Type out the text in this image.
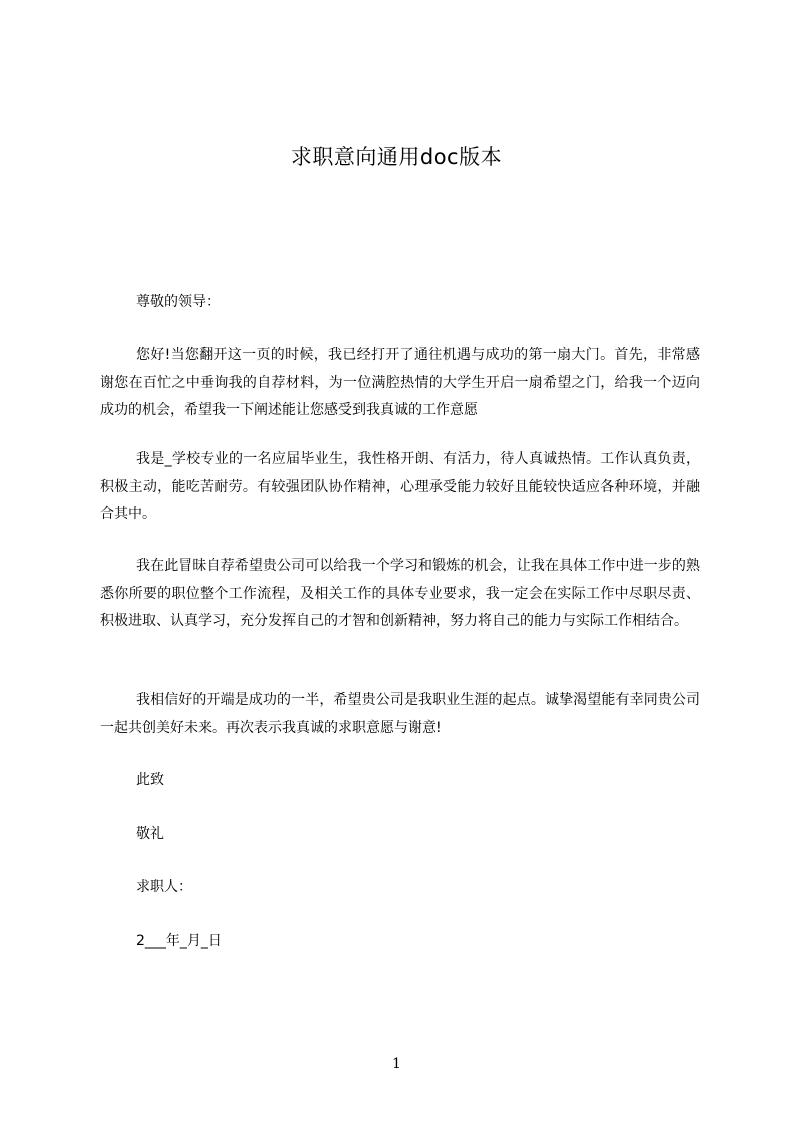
求职意向通用doc版本
尊敬的领导：
您好!当您翻开这一页的时候，我已经打开了通往机遇与成功的第一扇大门。首先，非常感谢您在百忙之中垂询我的自荐材料，为一位满腔热情的大学生开启一扇希望之门，给我一个迈向成功的机会，希望我一下阐述能让您感受到我真诚的工作意愿
我是_学校专业的一名应届毕业生，我性格开朗、有活力，待人真诚热情。工作认真负责，积极主动，能吃苦耐劳。有较强团队协作精神，心理承受能力较好且能较快适应各种环境，并融合其中。
我在此冒昧自荐希望贵公司可以给我一个学习和锻炼的机会，让我在具体工作中进一步的熟悉你所要的职位整个工作流程，及相关工作的具体专业要求，我一定会在实际工作中尽职尽责、积极进取、认真学习，充分发挥自己的才智和创新精神，努力将自己的能力与实际工作相结合。
我相信好的开端是成功的一半，希望贵公司是我职业生涯的起点。诚挚渴望能有幸同贵公司一起共创美好未来。再次表示我真诚的求职意愿与谢意!
此致
敬礼
求职人：
2___年_月_日
1
